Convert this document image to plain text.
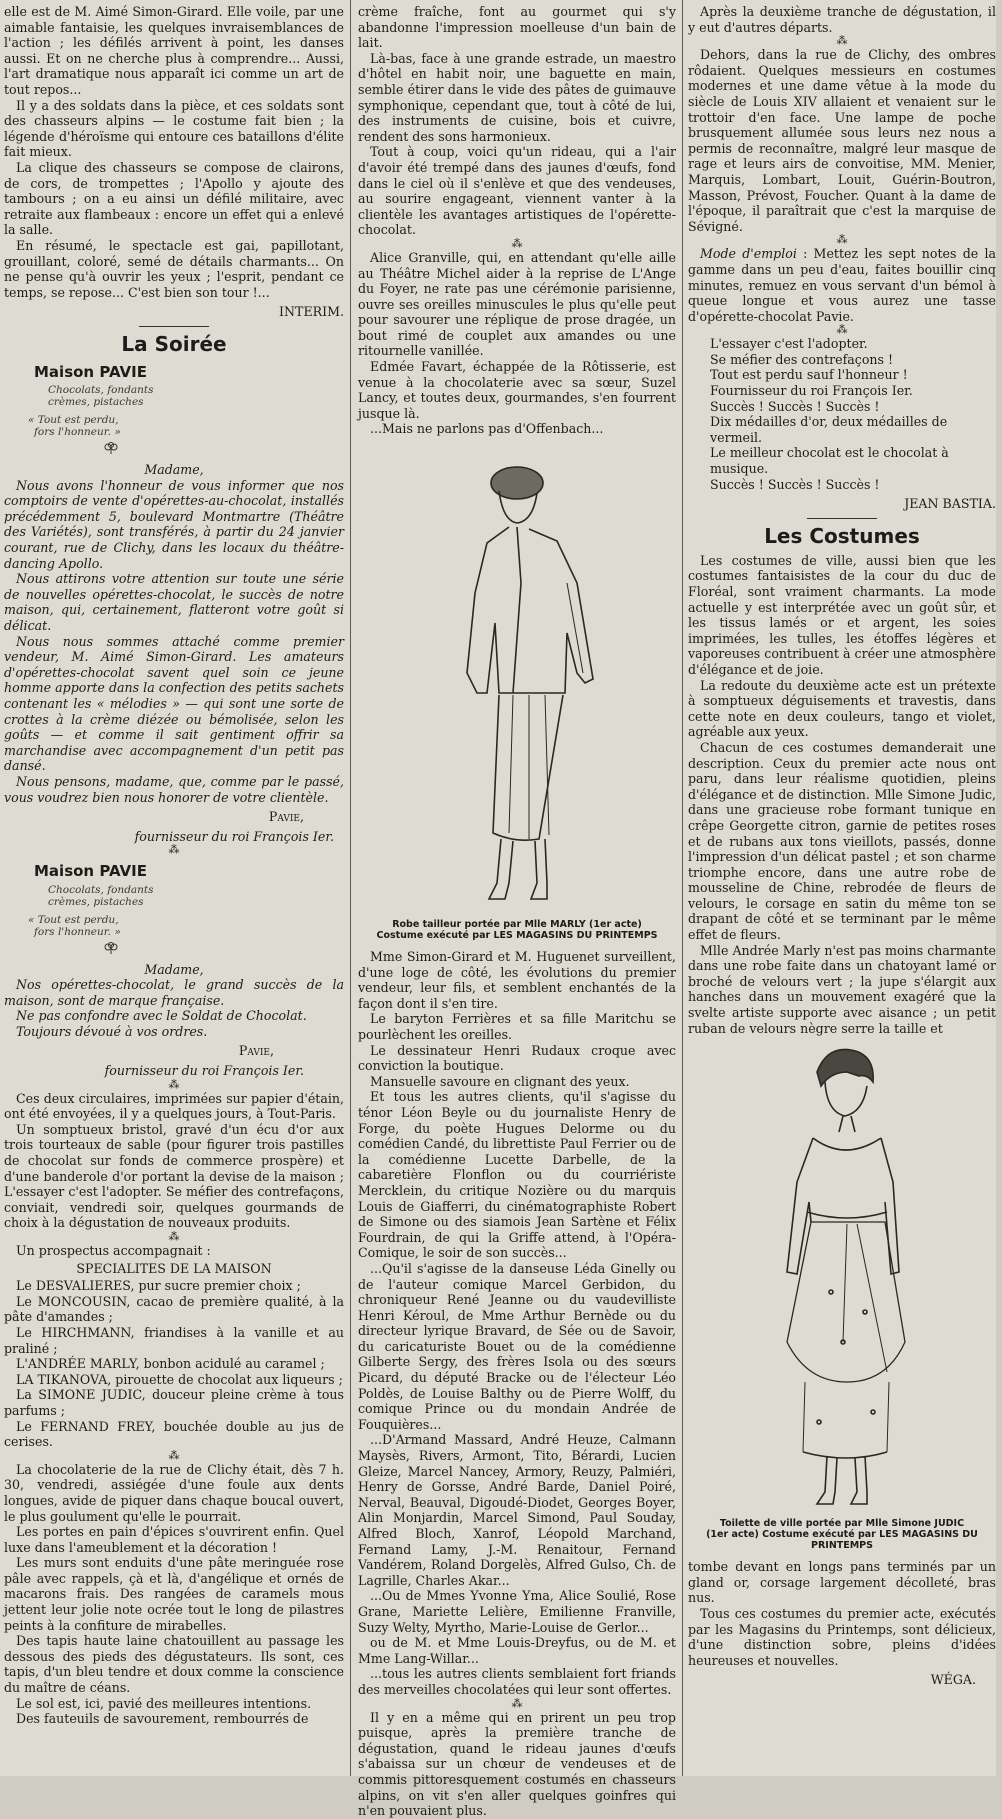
elle est de M. Aimé Simon-Girard. Elle voile, par une aimable fantaisie, les quelques invraisemblances de l'action ; les défilés arrivent à point, les danses aussi. Et on ne cherche plus à comprendre... Aussi, l'art dramatique nous apparaît ici comme un art de tout repos...

Il y a des soldats dans la pièce, et ces soldats sont des chasseurs alpins — le costume fait bien ; la légende d'héroïsme qui entoure ces bataillons d'élite fait mieux.

La clique des chasseurs se compose de clairons, de cors, de trompettes ; l'Apollo y ajoute des tambours ; on a eu ainsi un défilé militaire, avec retraite aux flambeaux : encore un effet qui a enlevé la salle.

En résumé, le spectacle est gai, papillotant, grouillant, coloré, semé de détails charmants... On ne pense qu'à ouvrir les yeux ; l'esprit, pendant ce temps, se repose... C'est bien son tour !...

INTERIM.
La Soirée
Maison PAVIE
Chocolats, fondants
crèmes, pistaches
« Tout est perdu,
fors l'honneur. »
Madame,

Nous avons l'honneur de vous informer que nos comptoirs de vente d'opérettes-au-chocolat, installés précédemment 5, boulevard Montmartre (Théâtre des Variétés), sont transférés, à partir du 24 janvier courant, rue de Clichy, dans les locaux du théâtre-dancing Apollo.

Nous attirons votre attention sur toute une série de nouvelles opérettes-chocolat, le succès de notre maison, qui, certainement, flatteront votre goût si délicat.

Nous nous sommes attaché comme premier vendeur, M. Aimé Simon-Girard. Les amateurs d'opérettes-chocolat savent quel soin ce jeune homme apporte dans la confection des petits sachets contenant les « mélodies » — qui sont une sorte de crottes à la crème diézée ou bémolisée, selon les goûts — et comme il sait gentiment offrir sa marchandise avec accompagnement d'un petit pas dansé.

Nous pensons, madame, que, comme par le passé, vous voudrez bien nous honorer de votre clientèle.

Pavie,
fournisseur du roi François Ier.
⁂
Maison PAVIE
Chocolats, fondants
crèmes, pistaches
« Tout est perdu,
fors l'honneur. »
Madame,

Nos opérettes-chocolat, le grand succès de la maison, sont de marque française.

Ne pas confondre avec le Soldat de Chocolat.

Toujours dévoué à vos ordres.

Pavie,
fournisseur du roi François Ier.
⁂

Ces deux circulaires, imprimées sur papier d'étain, ont été envoyées, il y a quelques jours, à Tout-Paris.

Un somptueux bristol, gravé d'un écu d'or aux trois tourteaux de sable (pour figurer trois pastilles de chocolat sur fonds de commerce prospère) et d'une banderole d'or portant la devise de la maison ; L'essayer c'est l'adopter. Se méfier des contrefaçons, conviait, vendredi soir, quelques gourmands de choix à la dégustation de nouveaux produits.

⁂

Un prospectus accompagnait :

SPECIALITES DE LA MAISON

Le DESVALIERES, pur sucre premier choix ;

Le MONCOUSIN, cacao de première qualité, à la pâte d'amandes ;

Le HIRCHMANN, friandises à la vanille et au praliné ;

L'ANDRÉE MARLY, bonbon acidulé au caramel ;

LA TIKANOVA, pirouette de chocolat aux liqueurs ;

La SIMONE JUDIC, douceur pleine crème à tous parfums ;

Le FERNAND FREY, bouchée double au jus de cerises.

⁂

La chocolaterie de la rue de Clichy était, dès 7 h. 30, vendredi, assiégée d'une foule aux dents longues, avide de piquer dans chaque boucal ouvert, le plus goulument qu'elle le pourrait.

Les portes en pain d'épices s'ouvrirent enfin. Quel luxe dans l'ameublement et la décoration !

Les murs sont enduits d'une pâte meringuée rose pâle avec rappels, çà et là, d'angélique et ornés de macarons frais. Des rangées de caramels mous jettent leur jolie note ocrée tout le long de pilastres peints à la confiture de mirabelles.

Des tapis haute laine chatouillent au passage les dessous des pieds des dégustateurs. Ils sont, ces tapis, d'un bleu tendre et doux comme la conscience du maître de céans.

Le sol est, ici, pavié des meilleures intentions.

Des fauteuils de savourement, rembourrés de

crème fraîche, font au gourmet qui s'y abandonne l'impression moelleuse d'un bain de lait.

Là-bas, face à une grande estrade, un maestro d'hôtel en habit noir, une baguette en main, semble étirer dans le vide des pâtes de guimauve symphonique, cependant que, tout à côté de lui, des instruments de cuisine, bois et cuivre, rendent des sons harmonieux.

Tout à coup, voici qu'un rideau, qui a l'air d'avoir été trempé dans des jaunes d'œufs, fond dans le ciel où il s'enlève et que des vendeuses, au sourire engageant, viennent vanter à la clientèle les avantages artistiques de l'opérette-chocolat.

⁂

Alice Granville, qui, en attendant qu'elle aille au Théâtre Michel aider à la reprise de L'Ange du Foyer, ne rate pas une cérémonie parisienne, ouvre ses oreilles minuscules le plus qu'elle peut pour savourer une réplique de prose dragée, un bout rimé de couplet aux amandes ou une ritournelle vanillée.

Edmée Favart, échappée de la Rôtisserie, est venue à la chocolaterie avec sa sœur, Suzel Lancy, et toutes deux, gourmandes, s'en fourrent jusque là.

...Mais ne parlons pas d'Offenbach...

Robe tailleur portée par Mlle MARLY (1er acte)
Costume exécuté par LES MAGASINS DU PRINTEMPS

Mme Simon-Girard et M. Huguenet surveillent, d'une loge de côté, les évolutions du premier vendeur, leur fils, et semblent enchantés de la façon dont il s'en tire.

Le baryton Ferrières et sa fille Maritchu se pourlèchent les oreilles.

Le dessinateur Henri Rudaux croque avec conviction la boutique.

Mansuelle savoure en clignant des yeux.

Et tous les autres clients, qu'il s'agisse du ténor Léon Beyle ou du journaliste Henry de Forge, du poète Hugues Delorme ou du comédien Candé, du librettiste Paul Ferrier ou de la comédienne Lucette Darbelle, de la cabaretière Flonflon ou du courriériste Mercklein, du critique Nozière ou du marquis Louis de Giafferri, du cinématographiste Robert de Simone ou des siamois Jean Sartène et Félix Fourdrain, de qui la Griffe attend, à l'Opéra-Comique, le soir de son succès...

...Qu'il s'agisse de la danseuse Léda Ginelly ou de l'auteur comique Marcel Gerbidon, du chroniqueur René Jeanne ou du vaudevilliste Henri Kéroul, de Mme Arthur Bernède ou du directeur lyrique Bravard, de Sée ou de Savoir, du caricaturiste Bouet ou de la comédienne Gilberte Sergy, des frères Isola ou des sœurs Picard, du député Bracke ou de l'électeur Léo Poldès, de Louise Balthy ou de Pierre Wolff, du comique Prince ou du mondain Andrée de Fouquières...

...D'Armand Massard, André Heuze, Calmann Maysès, Rivers, Armont, Tito, Bérardi, Lucien Gleize, Marcel Nancey, Armory, Reuzy, Palmiéri, Henry de Gorsse, André Barde, Daniel Poiré, Nerval, Beauval, Digoudé-Diodet, Georges Boyer, Alin Monjardin, Marcel Simond, Paul Souday, Alfred Bloch, Xanrof, Léopold Marchand, Fernand Lamy, J.-M. Renaitour, Fernand Vandérem, Roland Dorgelès, Alfred Gulso, Ch. de Lagrille, Charles Akar...

...Ou de Mmes Yvonne Yma, Alice Soulié, Rose Grane, Mariette Lelière, Emilienne Franville, Suzy Welty, Myrtho, Marie-Louise de Gerlor...

ou de M. et Mme Louis-Dreyfus, ou de M. et Mme Lang-Willar...

...tous les autres clients semblaient fort friands des merveilles chocolatées qui leur sont offertes.

⁂

Il y en a même qui en prirent un peu trop puisque, après la première tranche de dégustation, quand le rideau jaunes d'œufs s'abaissa sur un chœur de vendeuses et de commis pittoresquement costumés en chasseurs alpins, on vit s'en aller quelques goinfres qui n'en pouvaient plus.

Après la deuxième tranche de dégustation, il y eut d'autres départs.

⁂

Dehors, dans la rue de Clichy, des ombres rôdaient. Quelques messieurs en costumes modernes et une dame vêtue à la mode du siècle de Louis XIV allaient et venaient sur le trottoir d'en face. Une lampe de poche brusquement allumée sous leurs nez nous a permis de reconnaître, malgré leur masque de rage et leurs airs de convoitise, MM. Menier, Marquis, Lombart, Louit, Guérin-Boutron, Masson, Prévost, Foucher. Quant à la dame de l'époque, il paraîtrait que c'est la marquise de Sévigné.

⁂

Mode d'emploi : Mettez les sept notes de la gamme dans un peu d'eau, faites bouillir cinq minutes, remuez en vous servant d'un bémol à queue longue et vous aurez une tasse d'opérette-chocolat Pavie.

⁂
L'essayer c'est l'adopter.
Se méfier des contrefaçons !
Tout est perdu sauf l'honneur !
Fournisseur du roi François Ier.
Succès ! Succès ! Succès !
Dix médailles d'or, deux médailles de vermeil.
Le meilleur chocolat est le chocolat à musique.
Succès ! Succès ! Succès !
JEAN BASTIA.
Les Costumes

Les costumes de ville, aussi bien que les costumes fantaisistes de la cour du duc de Floréal, sont vraiment charmants. La mode actuelle y est interprétée avec un goût sûr, et les tissus lamés or et argent, les soies imprimées, les tulles, les étoffes légères et vaporeuses contribuent à créer une atmosphère d'élégance et de joie.

La redoute du deuxième acte est un prétexte à somptueux déguisements et travestis, dans cette note en deux couleurs, tango et violet, agréable aux yeux.

Chacun de ces costumes demanderait une description. Ceux du premier acte nous ont paru, dans leur réalisme quotidien, pleins d'élégance et de distinction. Mlle Simone Judic, dans une gracieuse robe formant tunique en crêpe Georgette citron, garnie de petites roses et de rubans aux tons vieillots, passés, donne l'impression d'un délicat pastel ; et son charme triomphe encore, dans une autre robe de mousseline de Chine, rebrodée de fleurs de velours, le corsage en satin du même ton se drapant de côté et se terminant par le même effet de fleurs.

Mlle Andrée Marly n'est pas moins charmante dans une robe faite dans un chatoyant lamé or broché de velours vert ; la jupe s'élargit aux hanches dans un mouvement exagéré que la svelte artiste supporte avec aisance ; un petit ruban de velours nègre serre la taille et

Toilette de ville portée par Mlle Simone JUDIC
(1er acte) Costume exécuté par LES MAGASINS DU PRINTEMPS

tombe devant en longs pans terminés par un gland or, corsage largement décolleté, bras nus.

Tous ces costumes du premier acte, exécutés par les Magasins du Printemps, sont délicieux, d'une distinction sobre, pleins d'idées heureuses et nouvelles.

WÉGA.
